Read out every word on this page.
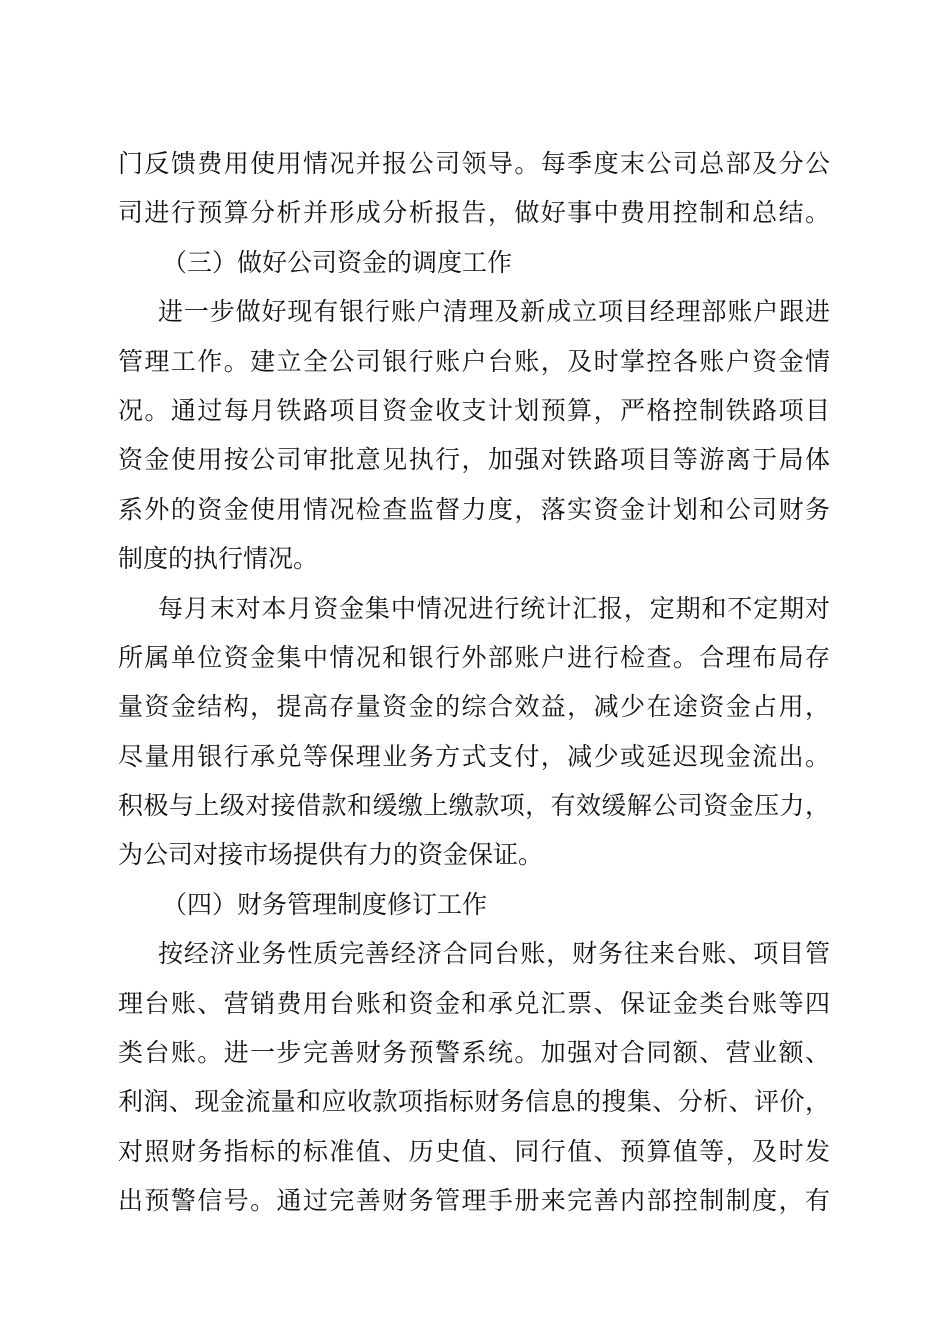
门反馈费用使用情况并报公司领导。每季度末公司总部及分公
司进行预算分析并形成分析报告，做好事中费用控制和总结。
（三）做好公司资金的调度工作
进一步做好现有银行账户清理及新成立项目经理部账户跟进
管理工作。建立全公司银行账户台账，及时掌控各账户资金情
况。通过每月铁路项目资金收支计划预算，严格控制铁路项目
资金使用按公司审批意见执行，加强对铁路项目等游离于局体
系外的资金使用情况检查监督力度，落实资金计划和公司财务
制度的执行情况。
每月末对本月资金集中情况进行统计汇报，定期和不定期对
所属单位资金集中情况和银行外部账户进行检查。合理布局存
量资金结构，提高存量资金的综合效益，减少在途资金占用，
尽量用银行承兑等保理业务方式支付，减少或延迟现金流出。
积极与上级对接借款和缓缴上缴款项，有效缓解公司资金压力，
为公司对接市场提供有力的资金保证。
（四）财务管理制度修订工作
按经济业务性质完善经济合同台账，财务往来台账、项目管
理台账、营销费用台账和资金和承兑汇票、保证金类台账等四
类台账。进一步完善财务预警系统。加强对合同额、营业额、
利润、现金流量和应收款项指标财务信息的搜集、分析、评价，
对照财务指标的标准值、历史值、同行值、预算值等，及时发
出预警信号。通过完善财务管理手册来完善内部控制制度，有
